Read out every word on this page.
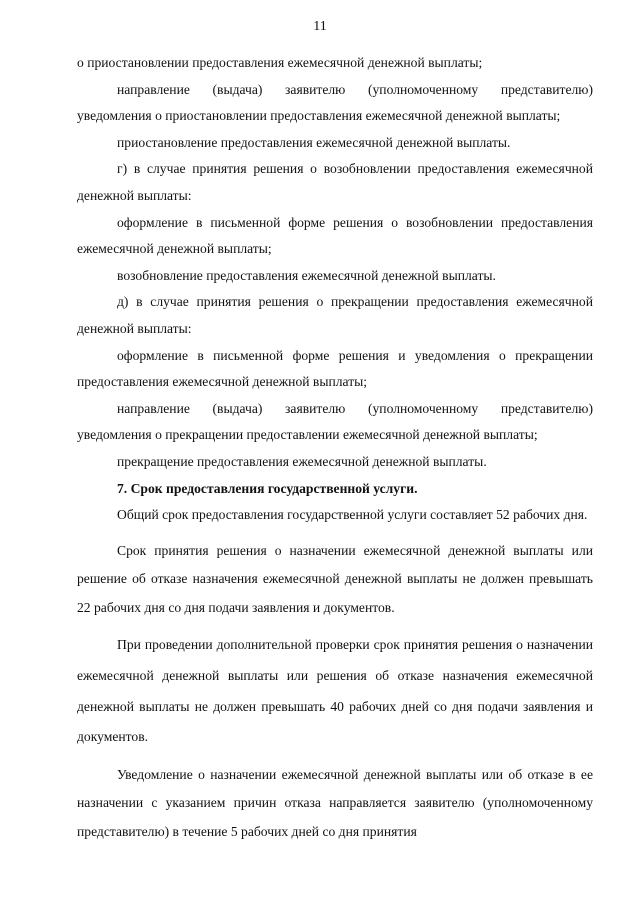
11

о приостановлении предоставления ежемесячной денежной выплаты;

направление (выдача) заявителю (уполномоченному представителю) уведомления о приостановлении предоставления ежемесячной денежной выплаты;

приостановление предоставления ежемесячной денежной выплаты.

г) в случае принятия решения о возобновлении предоставления ежемесячной денежной выплаты:

оформление в письменной форме решения о возобновлении предоставления ежемесячной денежной выплаты;

возобновление предоставления ежемесячной денежной выплаты.

д) в случае принятия решения о прекращении предоставления ежемесячной денежной выплаты:

оформление в письменной форме решения и уведомления о прекращении предоставления ежемесячной денежной выплаты;

направление (выдача) заявителю (уполномоченному представителю) уведомления о прекращении предоставлении ежемесячной денежной выплаты;

прекращение предоставления ежемесячной денежной выплаты.

7. Срок предоставления государственной услуги.

Общий срок предоставления государственной услуги составляет 52 рабочих дня.

Срок принятия решения о назначении ежемесячной денежной выплаты или решение об отказе назначения ежемесячной денежной выплаты не должен превышать 22 рабочих дня со дня подачи заявления и документов.

При проведении дополнительной проверки срок принятия решения о назначении ежемесячной денежной выплаты или решения об отказе назначения ежемесячной денежной выплаты не должен превышать 40 рабочих дней со дня подачи заявления и документов.

Уведомление о назначении ежемесячной денежной выплаты или об отказе в ее назначении с указанием причин отказа направляется заявителю (уполномоченному представителю) в течение 5 рабочих дней со дня принятия
